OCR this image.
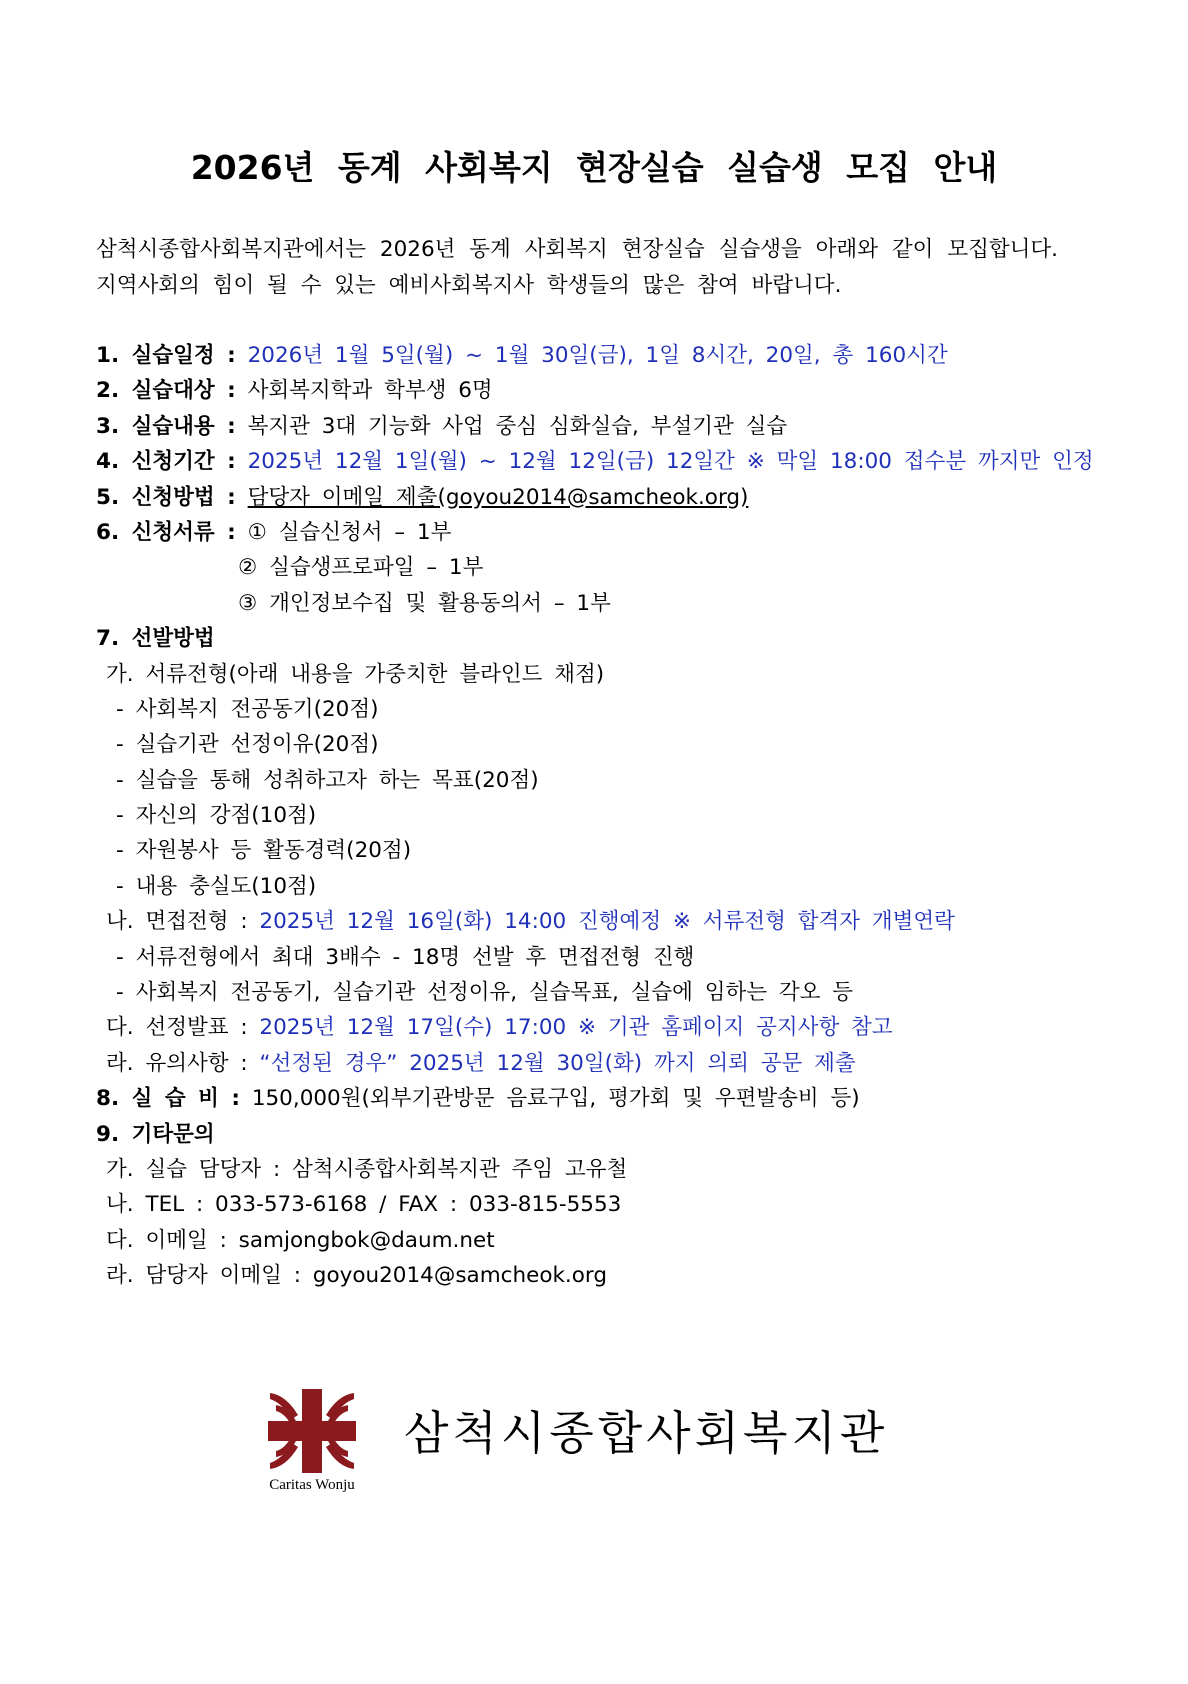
2026년 동계 사회복지 현장실습 실습생 모집 안내
삼척시종합사회복지관에서는 2026년 동계 사회복지 현장실습 실습생을 아래와 같이 모집합니다. 지역사회의 힘이 될 수 있는 예비사회복지사 학생들의 많은 참여 바랍니다.
1. 실습일정 : 2026년 1월 5일(월) ~ 1월 30일(금), 1일 8시간, 20일, 총 160시간
2. 실습대상 : 사회복지학과 학부생 6명
3. 실습내용 : 복지관 3대 기능화 사업 중심 심화실습, 부설기관 실습
4. 신청기간 : 2025년 12월 1일(월) ~ 12월 12일(금) 12일간 ※ 막일 18:00 접수분 까지만 인정
5. 신청방법 : 담당자 이메일 제출(goyou2014@samcheok.org)
6. 신청서류 : ① 실습신청서 – 1부
② 실습생프로파일 – 1부
③ 개인정보수집 및 활용동의서 – 1부
7. 선발방법
가. 서류전형(아래 내용을 가중치한 블라인드 채점)
- 사회복지 전공동기(20점)
- 실습기관 선정이유(20점)
- 실습을 통해 성취하고자 하는 목표(20점)
- 자신의 강점(10점)
- 자원봉사 등 활동경력(20점)
- 내용 충실도(10점)
나. 면접전형 : 2025년 12월 16일(화) 14:00 진행예정 ※ 서류전형 합격자 개별연락
- 서류전형에서 최대 3배수 - 18명 선발 후 면접전형 진행
- 사회복지 전공동기, 실습기관 선정이유, 실습목표, 실습에 임하는 각오 등
다. 선정발표 : 2025년 12월 17일(수) 17:00 ※ 기관 홈페이지 공지사항 참고
라. 유의사항 : “선정된 경우” 2025년 12월 30일(화) 까지 의뢰 공문 제출
8. 실 습 비 : 150,000원(외부기관방문 음료구입, 평가회 및 우편발송비 등)
9. 기타문의
가. 실습 담당자 : 삼척시종합사회복지관 주임 고유철
나. TEL : 033-573-6168 / FAX : 033-815-5553
다. 이메일 : samjongbok@daum.net
라. 담당자 이메일 : goyou2014@samcheok.org
Caritas Wonju
삼척시종합사회복지관
